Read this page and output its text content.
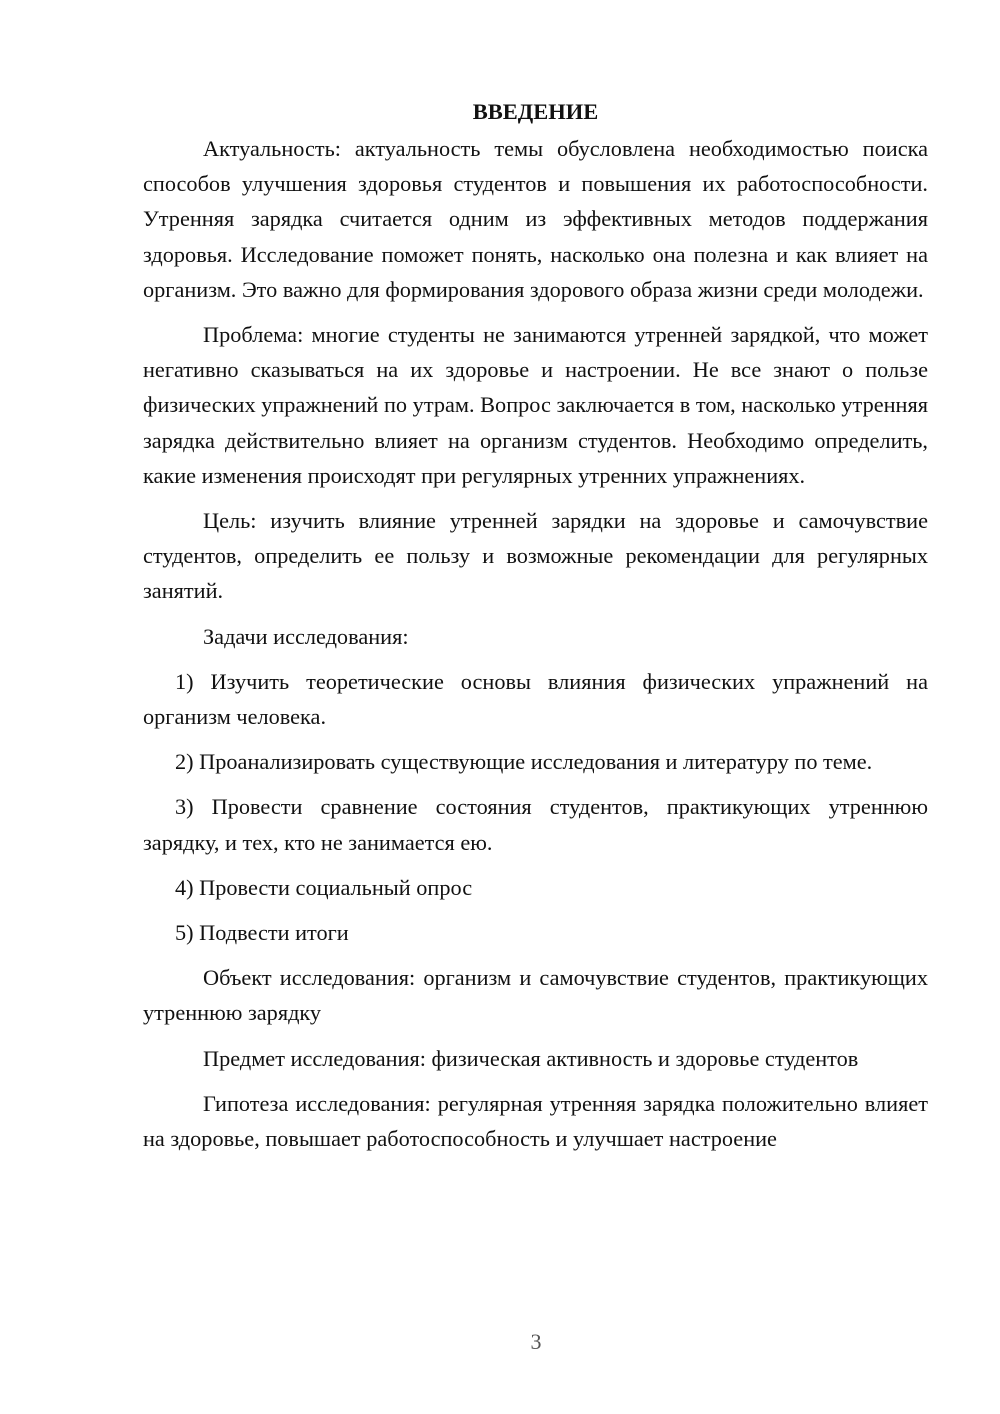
ВВЕДЕНИЕ

Актуальность: актуальность темы обусловлена необходимостью поиска способов улучшения здоровья студентов и повышения их работоспособности. Утренняя зарядка считается одним из эффективных методов поддержания здоровья. Исследование поможет понять, насколько она полезна и как влияет на организм. Это важно для формирования здорового образа жизни среди молодежи.

Проблема: многие студенты не занимаются утренней зарядкой, что может негативно сказываться на их здоровье и настроении. Не все знают о пользе физических упражнений по утрам. Вопрос заключается в том, насколько утренняя зарядка действительно влияет на организм студентов. Необходимо определить, какие изменения происходят при регулярных утренних упражнениях.

Цель: изучить влияние утренней зарядки на здоровье и самочувствие студентов, определить ее пользу и возможные рекомендации для регулярных занятий.

Задачи исследования:

1) Изучить теоретические основы влияния физических упражнений на организм человека.

2) Проанализировать существующие исследования и литературу по теме.

3) Провести сравнение состояния студентов, практикующих утреннюю зарядку, и тех, кто не занимается ею.

4) Провести социальный опрос

5) Подвести итоги

Объект исследования: организм и самочувствие студентов, практикующих утреннюю зарядку

Предмет исследования: физическая активность и здоровье студентов

Гипотеза исследования: регулярная утренняя зарядка положительно влияет на здоровье, повышает работоспособность и улучшает настроение

3
